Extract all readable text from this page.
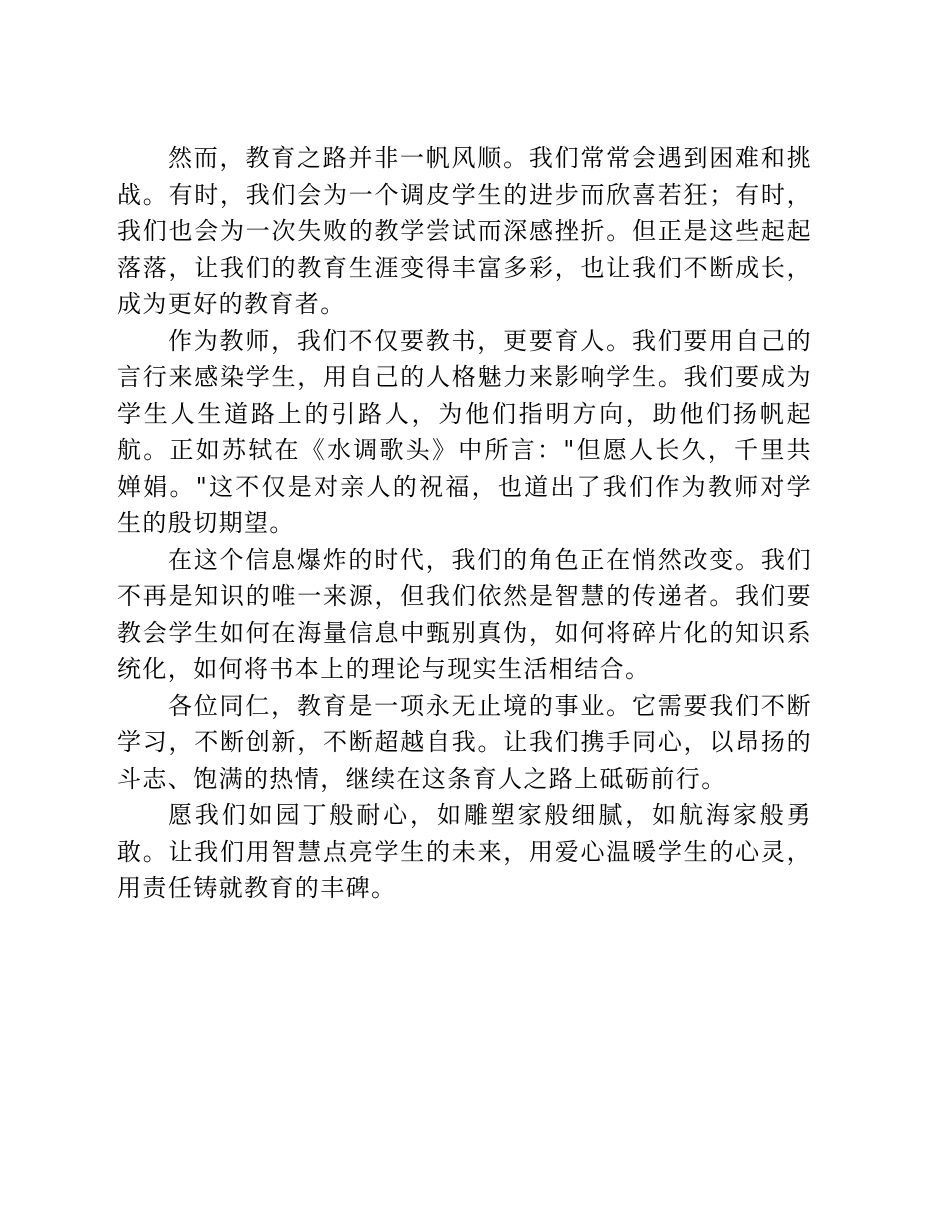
然而，教育之路并非一帆风顺。我们常常会遇到困难和挑战。有时，我们会为一个调皮学生的进步而欣喜若狂；有时，我们也会为一次失败的教学尝试而深感挫折。但正是这些起起落落，让我们的教育生涯变得丰富多彩，也让我们不断成长，成为更好的教育者。

作为教师，我们不仅要教书，更要育人。我们要用自己的言行来感染学生，用自己的人格魅力来影响学生。我们要成为学生人生道路上的引路人，为他们指明方向，助他们扬帆起航。正如苏轼在《水调歌头》中所言："但愿人长久，千里共婵娟。"这不仅是对亲人的祝福，也道出了我们作为教师对学生的殷切期望。

在这个信息爆炸的时代，我们的角色正在悄然改变。我们不再是知识的唯一来源，但我们依然是智慧的传递者。我们要教会学生如何在海量信息中甄别真伪，如何将碎片化的知识系统化，如何将书本上的理论与现实生活相结合。

各位同仁，教育是一项永无止境的事业。它需要我们不断学习，不断创新，不断超越自我。让我们携手同心，以昂扬的斗志、饱满的热情，继续在这条育人之路上砥砺前行。

愿我们如园丁般耐心，如雕塑家般细腻，如航海家般勇敢。让我们用智慧点亮学生的未来，用爱心温暖学生的心灵，用责任铸就教育的丰碑。
